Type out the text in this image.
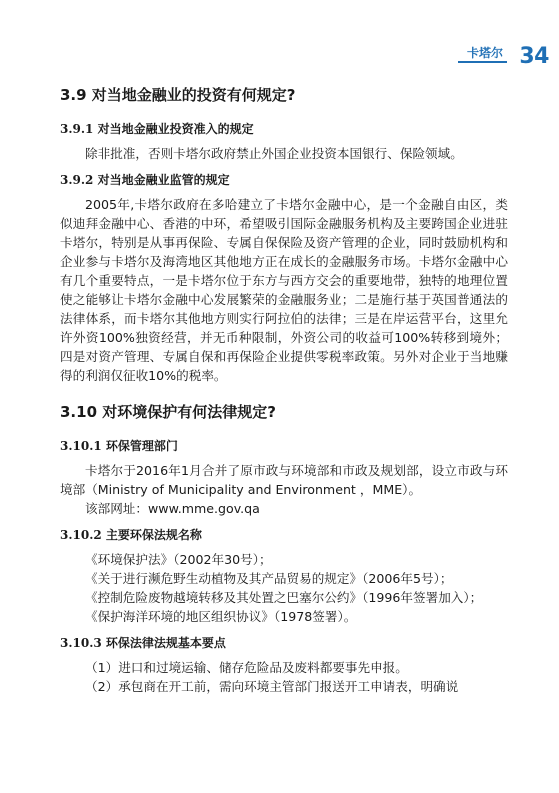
卡塔尔 34
3.9 对当地金融业的投资有何规定?
3.9.1 对当地金融业投资准入的规定
除非批准，否则卡塔尔政府禁止外国企业投资本国银行、保险领域。
3.9.2 对当地金融业监管的规定
2005年,卡塔尔政府在多哈建立了卡塔尔金融中心，是一个金融自由区，类似迪拜金融中心、香港的中环，希望吸引国际金融服务机构及主要跨国企业进驻卡塔尔，特别是从事再保险、专属自保保险及资产管理的企业，同时鼓励机构和企业参与卡塔尔及海湾地区其他地方正在成长的金融服务市场。卡塔尔金融中心有几个重要特点，一是卡塔尔位于东方与西方交会的重要地带，独特的地理位置使之能够让卡塔尔金融中心发展繁荣的金融服务业；二是施行基于英国普通法的法律体系，而卡塔尔其他地方则实行阿拉伯的法律；三是在岸运营平台，这里允许外资100%独资经营，并无币种限制，外资公司的收益可100%转移到境外；四是对资产管理、专属自保和再保险企业提供零税率政策。另外对企业于当地赚得的利润仅征收10%的税率。
3.10 对环境保护有何法律规定?
3.10.1 环保管理部门
卡塔尔于2016年1月合并了原市政与环境部和市政及规划部，设立市政与环境部（Ministry of Municipality and Environment ，MME）。
该部网址：www.mme.gov.qa
3.10.2 主要环保法规名称
《环境保护法》（2002年30号）；
《关于进行濒危野生动植物及其产品贸易的规定》（2006年5号）；
《控制危险废物越境转移及其处置之巴塞尔公约》（1996年签署加入）；
《保护海洋环境的地区组织协议》（1978签署）。
3.10.3 环保法律法规基本要点
（1）进口和过境运输、储存危险品及废料都要事先申报。
（2）承包商在开工前，需向环境主管部门报送开工申请表，明确说
